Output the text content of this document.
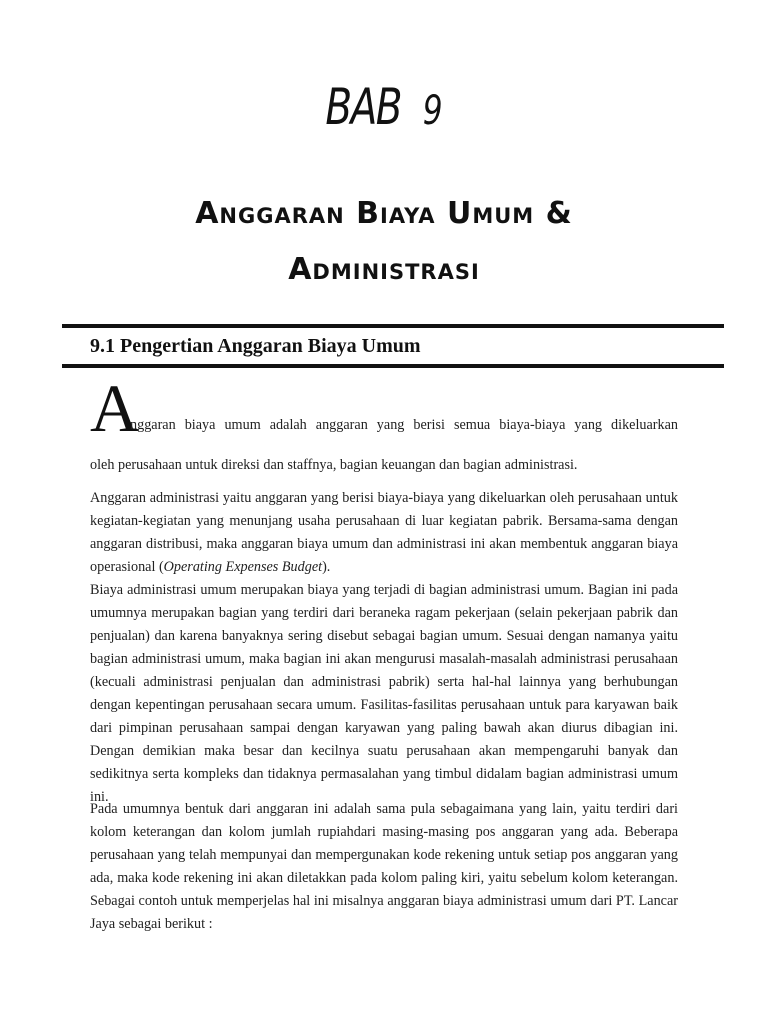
BAB 9
Anggaran Biaya Umum &
Administrasi
9.1 Pengertian Anggaran Biaya Umum
A
nggaran biaya umum adalah anggaran yang berisi semua biaya-biaya yang dikeluarkan
oleh perusahaan untuk direksi dan staffnya, bagian keuangan dan bagian administrasi.

Anggaran administrasi yaitu anggaran yang berisi biaya-biaya yang dikeluarkan oleh perusahaan untuk kegiatan-kegiatan yang menunjang usaha perusahaan di luar kegiatan pabrik. Bersama-sama dengan anggaran distribusi, maka anggaran biaya umum dan administrasi ini akan membentuk anggaran biaya operasional (Operating Expenses Budget).

Biaya administrasi umum merupakan biaya yang terjadi di bagian administrasi umum. Bagian ini pada umumnya merupakan bagian yang terdiri dari beraneka ragam pekerjaan (selain pekerjaan pabrik dan penjualan) dan karena banyaknya sering disebut sebagai bagian umum. Sesuai dengan namanya yaitu bagian administrasi umum, maka bagian ini akan mengurusi masalah-masalah administrasi perusahaan (kecuali administrasi penjualan dan administrasi pabrik) serta hal-hal lainnya yang berhubungan dengan kepentingan perusahaan secara umum. Fasilitas-fasilitas perusahaan untuk para karyawan baik dari pimpinan perusahaan sampai dengan karyawan yang paling bawah akan diurus dibagian ini. Dengan demikian maka besar dan kecilnya suatu perusahaan akan mempengaruhi banyak dan sedikitnya serta kompleks dan tidaknya permasalahan yang timbul didalam bagian administrasi umum ini.

Pada umumnya bentuk dari anggaran ini adalah sama pula sebagaimana yang lain, yaitu terdiri dari kolom keterangan dan kolom jumlah rupiahdari masing-masing pos anggaran yang ada. Beberapa perusahaan yang telah mempunyai dan mempergunakan kode rekening untuk setiap pos anggaran yang ada, maka kode rekening ini akan diletakkan pada kolom paling kiri, yaitu sebelum kolom keterangan. Sebagai contoh untuk memperjelas hal ini misalnya anggaran biaya administrasi umum dari PT. Lancar Jaya sebagai berikut :
